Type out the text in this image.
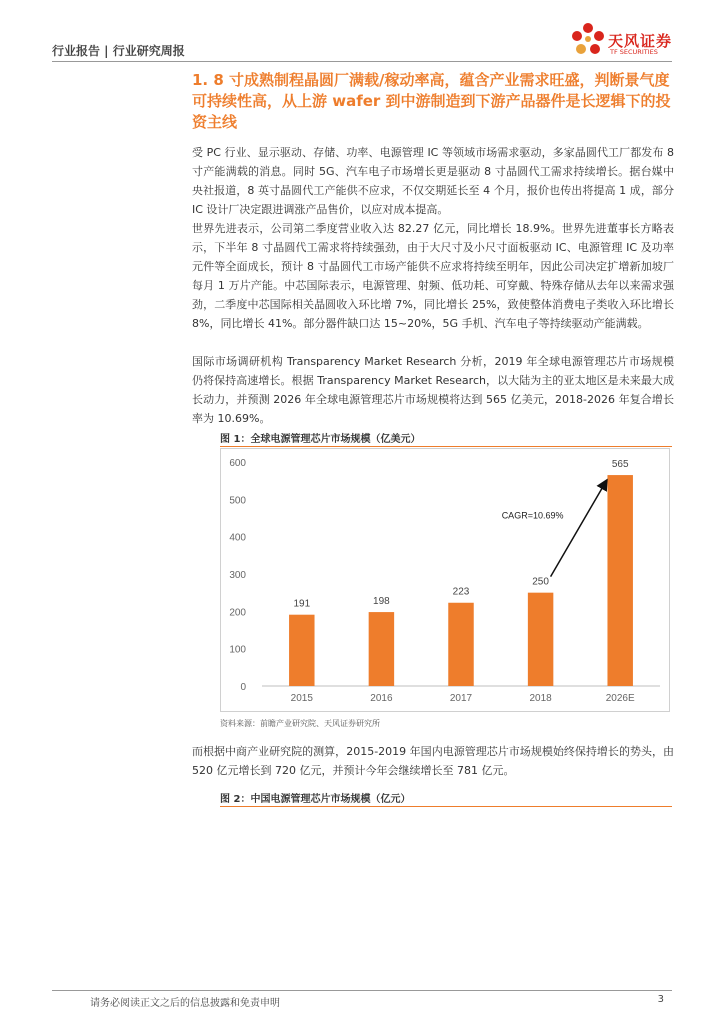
行业报告 | 行业研究周报
天风证券
TF SECURITIES
1. 8 寸成熟制程晶圆厂满载/稼动率高，蕴含产业需求旺盛，判断景气度可持续性高，从上游 wafer 到中游制造到下游产品器件是长逻辑下的投资主线

受 PC 行业、显示驱动、存储、功率、电源管理 IC 等领域市场需求驱动，多家晶圆代工厂都发布 8 寸产能满载的消息。同时 5G、汽车电子市场增长更是驱动 8 寸晶圆代工需求持续增长。据台媒中央社报道，8 英寸晶圆代工产能供不应求，不仅交期延长至 4 个月，报价也传出将提高 1 成，部分 IC 设计厂决定跟进调涨产品售价，以应对成本提高。

世界先进表示，公司第二季度营业收入达 82.27 亿元，同比增长 18.9%。世界先进董事长方略表示，下半年 8 寸晶圆代工需求将持续强劲，由于大尺寸及小尺寸面板驱动 IC、电源管理 IC 及功率元件等全面成长，预计 8 寸晶圆代工市场产能供不应求将持续至明年，因此公司决定扩增新加坡厂每月 1 万片产能。中芯国际表示，电源管理、射频、低功耗、可穿戴、特殊存储从去年以来需求强劲，二季度中芯国际相关晶圆收入环比增 7%，同比增长 25%，致使整体消费电子类收入环比增长 8%，同比增长 41%。部分器件缺口达 15~20%，5G 手机、汽车电子等持续驱动产能满载。

国际市场调研机构 Transparency Market Research 分析，2019 年全球电源管理芯片市场规模仍将保持高速增长。根据 Transparency Market Research，以大陆为主的亚太地区是未来最大成长动力，并预测 2026 年全球电源管理芯片市场规模将达到 565 亿美元，2018-2026 年复合增长率为 10.69%。

图 1：全球电源管理芯片市场规模（亿美元）
0
100
200
300
400
500
600
191
2015
198
2016
223
2017
250
2018
565
2026E
CAGR=10.69%
资料来源：前瞻产业研究院、天风证券研究所

而根据中商产业研究院的测算，2015-2019 年国内电源管理芯片市场规模始终保持增长的势头，由 520 亿元增长到 720 亿元，并预计今年会继续增长至 781 亿元。

图 2：中国电源管理芯片市场规模（亿元）
请务必阅读正文之后的信息披露和免责申明	3
